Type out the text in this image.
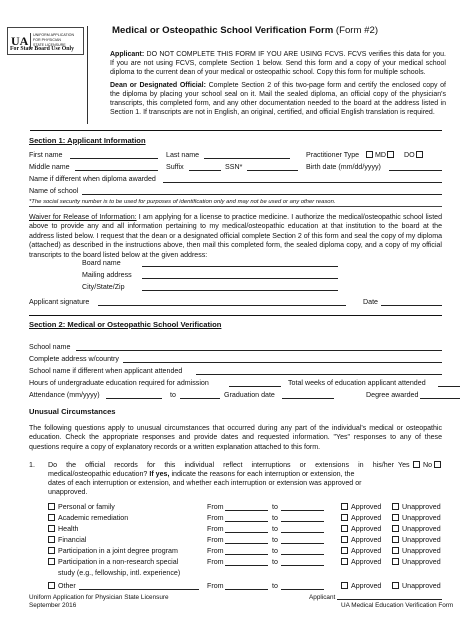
UA UNIFORM APPLICATION
FOR PHYSICIAN
STATE LICENSURE
For State Board Use Only
Medical or Osteopathic School Verification Form (Form #2)
Applicant: DO NOT COMPLETE THIS FORM IF YOU ARE USING FCVS. FCVS verifies this data for you. If you are not using FCVS, complete Section 1 below. Send this form and a copy of your medical school diploma to the current dean of your medical or osteopathic school. Copy this form for multiple schools.
Dean or Designated Official: Complete Section 2 of this two-page form and certify the enclosed copy of the diploma by placing your school seal on it. Mail the sealed diploma, an official copy of the physician's transcripts, this completed form, and any other documentation needed to the board at the address listed in Section 1. If transcripts are not in English, an original, certified, and official English translation is required.
Section 1: Applicant Information
First name	Last name	Practitioner Type MD	DO
Middle name	Suffix	SSN*	Birth date (mm/dd/yyyy)
Name if different when diploma awarded
Name of school
*The social security number is to be used for purposes of identification only and may not be used or any other reason.
Waiver for Release of Information: I am applying for a license to practice medicine. I authorize the medical/osteopathic school listed above to provide any and all information pertaining to my medical/osteopathic education at that institution to the board at the address listed below. I request that the dean or a designated official complete Section 2 of this form and seal the copy of my diploma (attached) as described in the instructions above, then mail this completed form, the sealed diploma copy, and a copy of my official transcripts to the board listed below at the given address:
Board name
Mailing address
City/State/Zip
Applicant signature	Date
Section 2: Medical or Osteopathic School Verification
School name
Complete address w/country
School name if different when applicant attended
Hours of undergraduate education required for admission	Total weeks of education applicant attended
Attendance (mm/yyyy)	to	Graduation date	Degree awarded
Unusual Circumstances
The following questions apply to unusual circumstances that occurred during any part of the individual's medical or osteopathic education. Check the appropriate responses and provide dates and requested information. "Yes" responses to any of these questions require a copy of explanatory records or a written explanation attached to this form.
1. Do the official records for this individual reflect interruptions or extensions in his/her
medical/osteopathic education? If yes, indicate the reasons for each interruption or extension, the
dates of each interruption or extension, and whether each interruption or extension was approved or
unapproved.
Yes No
Personal or family	From	to	Approved	Unapproved
Academic remediation	From	to	Approved	Unapproved
Health	From	to	Approved	Unapproved
Financial	From	to	Approved	Unapproved
Participation in a joint degree program	From	to	Approved	Unapproved
Participation in a non-research special	From	to	Approved	Unapproved
study (e.g., fellowship, intl. experience)
Other	From	to	Approved	Unapproved
Uniform Application for Physician State Licensure
September 2016
Applicant
UA Medical Education Verification Form
